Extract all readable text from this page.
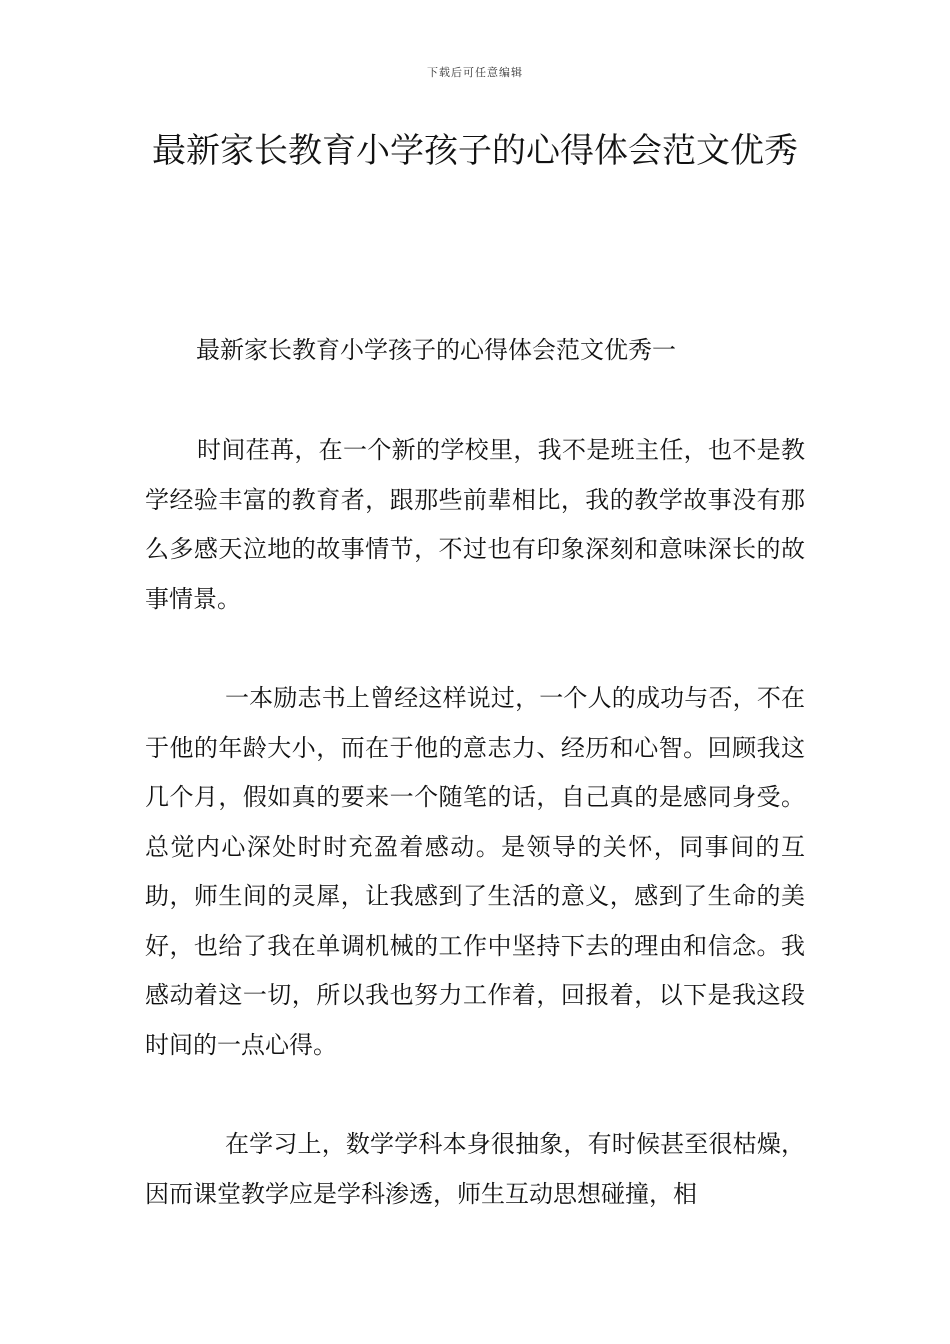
下载后可任意编辑
最新家长教育小学孩子的心得体会范文优秀
最新家长教育小学孩子的心得体会范文优秀一

时间荏苒，在一个新的学校里，我不是班主任，也不是教学经验丰富的教育者，跟那些前辈相比，我的教学故事没有那么多感天泣地的故事情节，不过也有印象深刻和意味深长的故事情景。

一本励志书上曾经这样说过，一个人的成功与否，不在于他的年龄大小，而在于他的意志力、经历和心智。回顾我这几个月，假如真的要来一个随笔的话，自己真的是感同身受。总觉内心深处时时充盈着感动。是领导的关怀，同事间的互助，师生间的灵犀，让我感到了生活的意义，感到了生命的美好，也给了我在单调机械的工作中坚持下去的理由和信念。我感动着这一切，所以我也努力工作着，回报着，以下是我这段时间的一点心得。

在学习上，数学学科本身很抽象，有时候甚至很枯燥，因而课堂教学应是学科渗透，师生互动思想碰撞，相
